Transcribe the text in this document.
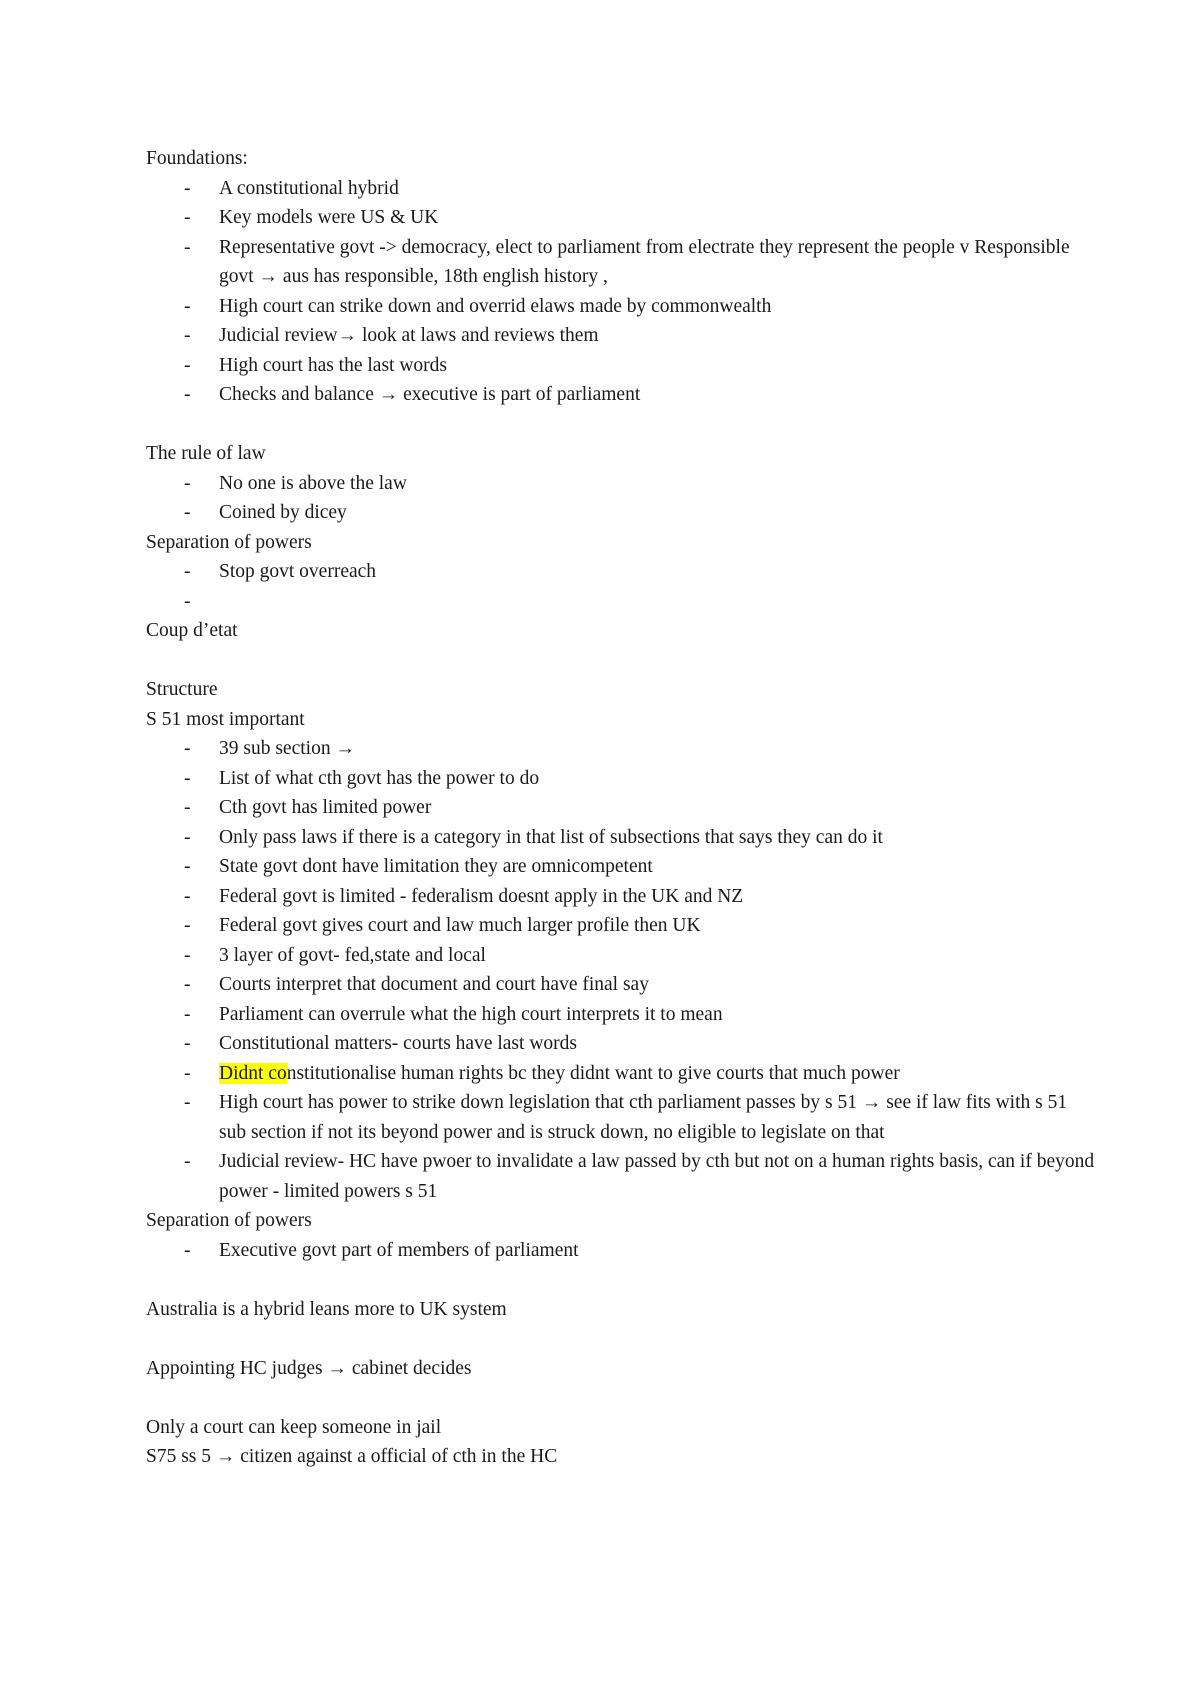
Foundations:

- A constitutional hybrid
- Key models were US & UK
- Representative govt -> democracy, elect to parliament from electrate they represent the people v Responsible govt → aus has responsible, 18th english history ,
- High court can strike down and overrid elaws made by commonwealth
- Judicial review→ look at laws and reviews them
- High court has the last words
- Checks and balance → executive is part of parliament

The rule of law

- No one is above the law
- Coined by dicey

Separation of powers

- Stop govt overreach

Coup d’etat

Structure

S 51 most important

- 39 sub section →
- List of what cth govt has the power to do
- Cth govt has limited power
- Only pass laws if there is a category in that list of subsections that says they can do it
- State govt dont have limitation they are omnicompetent
- Federal govt is limited - federalism doesnt apply in the UK and NZ
- Federal govt gives court and law much larger profile then UK
- 3 layer of govt- fed,state and local
- Courts interpret that document and court have final say
- Parliament can overrule what the high court interprets it to mean
- Constitutional matters- courts have last words
- Didnt constitutionalise human rights bc they didnt want to give courts that much power
- High court has power to strike down legislation that cth parliament passes by s 51 → see if law fits with s 51 sub section if not its beyond power and is struck down, no eligible to legislate on that
- Judicial review- HC have pwoer to invalidate a law passed by cth but not on a human rights basis, can if beyond power - limited powers s 51

Separation of powers

- Executive govt part of members of parliament

Australia is a hybrid leans more to UK system

Appointing HC judges → cabinet decides

Only a court can keep someone in jail

S75 ss 5 → citizen against a official of cth in the HC
